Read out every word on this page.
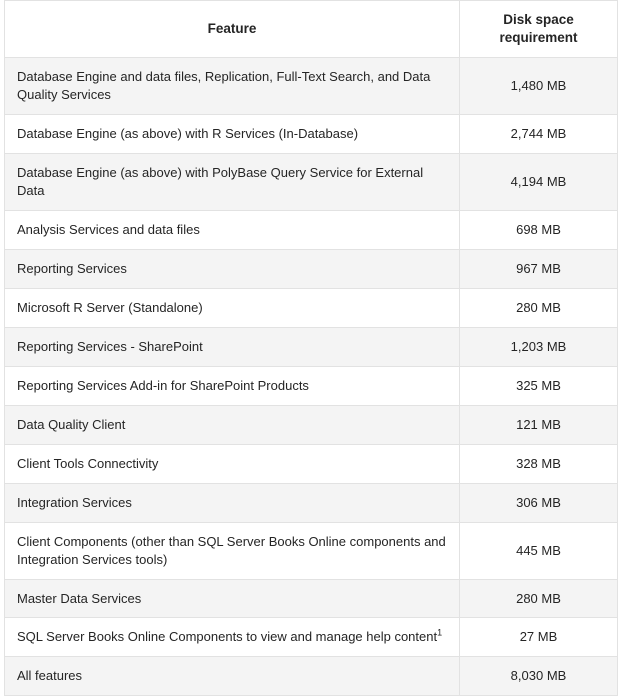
Feature	Disk space requirement
Database Engine and data files, Replication, Full-Text Search, and Data Quality Services	1,480 MB
Database Engine (as above) with R Services (In-Database)	2,744 MB
Database Engine (as above) with PolyBase Query Service for External Data	4,194 MB
Analysis Services and data files	698 MB
Reporting Services	967 MB
Microsoft R Server (Standalone)	280 MB
Reporting Services - SharePoint	1,203 MB
Reporting Services Add-in for SharePoint Products	325 MB
Data Quality Client	121 MB
Client Tools Connectivity	328 MB
Integration Services	306 MB
Client Components (other than SQL Server Books Online components and Integration Services tools)	445 MB
Master Data Services	280 MB
SQL Server Books Online Components to view and manage help content$^1$	27 MB
All features	8,030 MB
